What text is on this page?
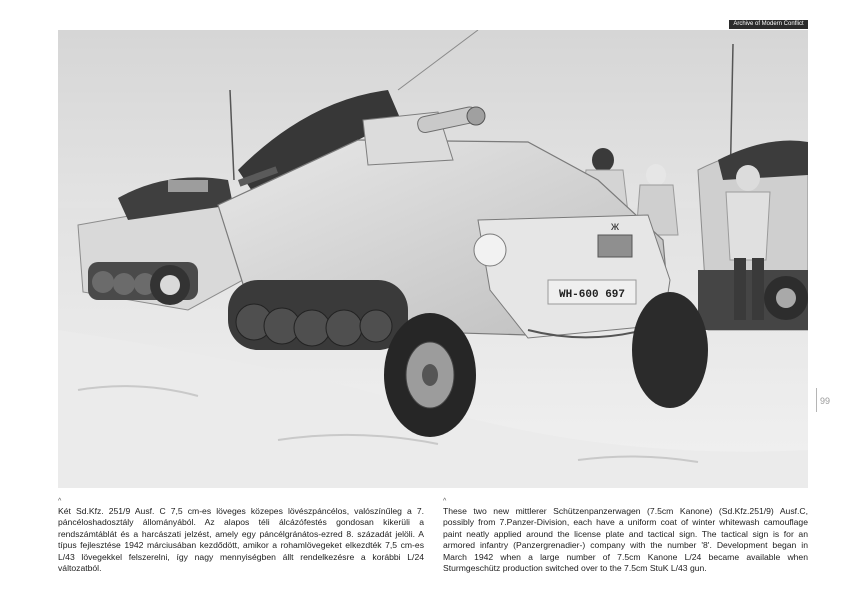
Archive of Modern Conflict
ж
WH-600 697
99
^
Két Sd.Kfz. 251/9 Ausf. C 7,5 cm-es löveges közepes lövészpáncélos, valószínűleg a 7. páncéloshadosztály állományából. Az alapos téli álcázófestés gondosan kikerüli a rendszámtáblát és a harcászati jelzést, amely egy páncélgránátos-ezred 8. századát jelöli. A típus fejlesztése 1942 márciusában kezdődött, amikor a rohamlövegeket elkezdték 7,5 cm-es L/43 lövegekkel felszerelni, így nagy mennyiségben állt rendelkezésre a korábbi L/24 változatból.
^
These two new mittlerer Schützenpanzerwagen (7.5cm Kanone) (Sd.Kfz.251/9) Ausf.C, possibly from 7.Panzer-Division, each have a uniform coat of winter whitewash camouflage paint neatly applied around the license plate and tactical sign. The tactical sign is for an armored infantry (Panzergrenadier-) company with the number '8'. Development began in March 1942 when a large number of 7.5cm Kanone L/24 became available when Sturmgeschütz production switched over to the 7.5cm StuK L/43 gun.
